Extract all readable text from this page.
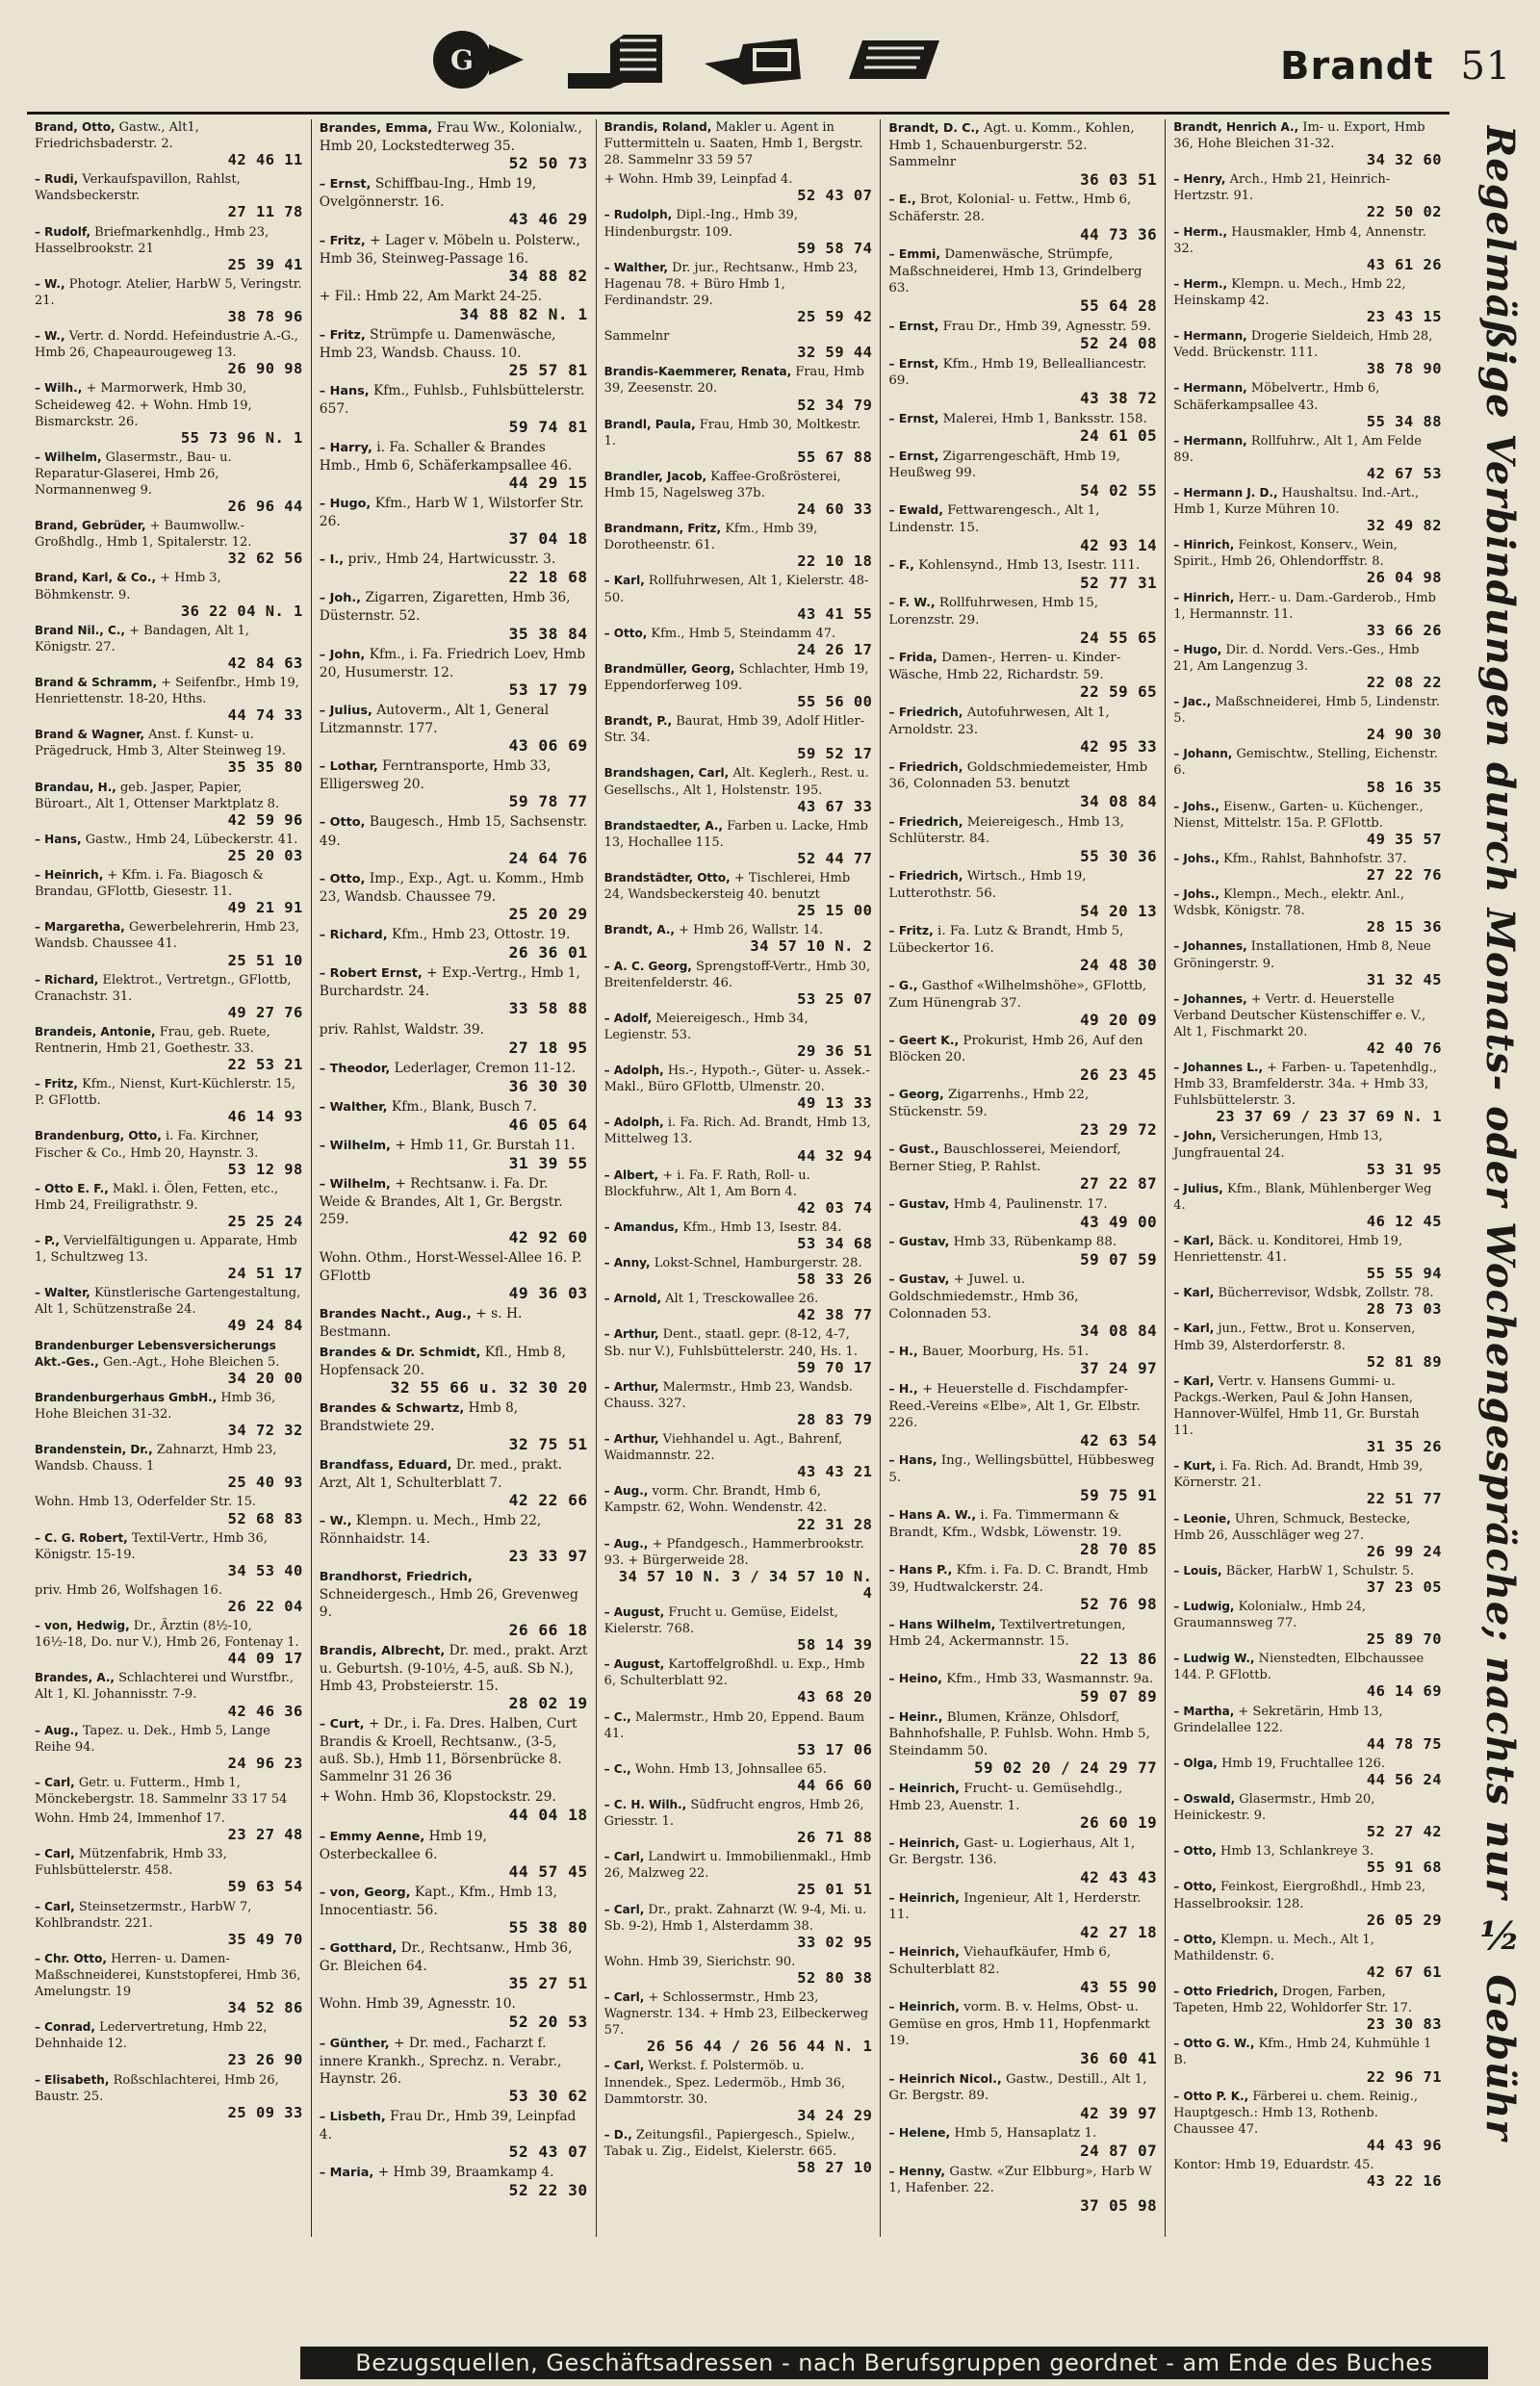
G	Brandt 51
Brand, Otto, Gastw., Alt1, Friedrichsbaderstr. 2.
42 46 11
– Rudi, Verkaufspavillon, Rahlst, Wandsbeckerstr.
27 11 78
– Rudolf, Briefmarkenhdlg., Hmb 23, Hasselbrookstr. 21
25 39 41
– W., Photogr. Atelier, HarbW 5, Veringstr. 21.
38 78 96
– W., Vertr. d. Nordd. Hefeindustrie A.-G., Hmb 26, Chapeaurougeweg 13.
26 90 98
– Wilh., + Marmorwerk, Hmb 30, Scheideweg 42. + Wohn. Hmb 19, Bismarckstr. 26.
55 73 96 N. 1
– Wilhelm, Glasermstr., Bau- u. Reparatur-Glaserei, Hmb 26, Normannenweg 9.
26 96 44
Brand, Gebrüder, + Baumwollw.-Großhdlg., Hmb 1, Spitalerstr. 12.
32 62 56
Brand, Karl, & Co., + Hmb 3, Böhmkenstr. 9.
36 22 04 N. 1
Brand Nil., C., + Bandagen, Alt 1, Königstr. 27.
42 84 63
Brand & Schramm, + Seifenfbr., Hmb 19, Henriettenstr. 18-20, Hths.
44 74 33
Brand & Wagner, Anst. f. Kunst- u. Prägedruck, Hmb 3, Alter Steinweg 19.
35 35 80
Brandau, H., geb. Jasper, Papier, Büroart., Alt 1, Ottenser Marktplatz 8.
42 59 96
– Hans, Gastw., Hmb 24, Lübeckerstr. 41.
25 20 03
– Heinrich, + Kfm. i. Fa. Biagosch & Brandau, GFlottb, Giesestr. 11.
49 21 91
– Margaretha, Gewerbelehrerin, Hmb 23, Wandsb. Chaussee 41.
25 51 10
– Richard, Elektrot., Vertretgn., GFlottb, Cranachstr. 31.
49 27 76
Brandeis, Antonie, Frau, geb. Ruete, Rentnerin, Hmb 21, Goethestr. 33.
22 53 21
– Fritz, Kfm., Nienst, Kurt-Küchlerstr. 15, P. GFlottb.
46 14 93
Brandenburg, Otto, i. Fa. Kirchner, Fischer & Co., Hmb 20, Haynstr. 3.
53 12 98
– Otto E. F., Makl. i. Ölen, Fetten, etc., Hmb 24, Freiligrathstr. 9.
25 25 24
– P., Vervielfältigungen u. Apparate, Hmb 1, Schultzweg 13.
24 51 17
– Walter, Künstlerische Gartengestaltung, Alt 1, Schützenstraße 24.
49 24 84
Brandenburger Lebensversicherungs Akt.-Ges., Gen.-Agt., Hohe Bleichen 5.
34 20 00
Brandenburgerhaus GmbH., Hmb 36, Hohe Bleichen 31-32.
34 72 32
Brandenstein, Dr., Zahnarzt, Hmb 23, Wandsb. Chauss. 1
25 40 93
Wohn. Hmb 13, Oderfelder Str. 15.
52 68 83
– C. G. Robert, Textil-Vertr., Hmb 36, Königstr. 15-19.
34 53 40
priv. Hmb 26, Wolfshagen 16.
26 22 04
– von, Hedwig, Dr., Ärztin (8½-10, 16½-18, Do. nur V.), Hmb 26, Fontenay 1.
44 09 17
Brandes, A., Schlachterei und Wurstfbr., Alt 1, Kl. Johannisstr. 7-9.
42 46 36
– Aug., Tapez. u. Dek., Hmb 5, Lange Reihe 94.
24 96 23
– Carl, Getr. u. Futterm., Hmb 1, Mönckebergstr. 18. Sammelnr 33 17 54
Wohn. Hmb 24, Immenhof 17.
23 27 48
– Carl, Mützenfabrik, Hmb 33, Fuhlsbüttelerstr. 458.
59 63 54
– Carl, Steinsetzermstr., HarbW 7, Kohlbrandstr. 221.
35 49 70
– Chr. Otto, Herren- u. Damen-Maßschneiderei, Kunststopferei, Hmb 36, Amelungstr. 19
34 52 86
– Conrad, Ledervertretung, Hmb 22, Dehnhaide 12.
23 26 90
– Elisabeth, Roßschlachterei, Hmb 26, Baustr. 25.
25 09 33
Brandes, Emma, Frau Ww., Kolonialw., Hmb 20, Lockstedterweg 35.
52 50 73
– Ernst, Schiffbau-Ing., Hmb 19, Ovelgönnerstr. 16.
43 46 29
– Fritz, + Lager v. Möbeln u. Polsterw., Hmb 36, Steinweg-Passage 16.
34 88 82
+ Fil.: Hmb 22, Am Markt 24-25.
34 88 82 N. 1
– Fritz, Strümpfe u. Damenwäsche, Hmb 23, Wandsb. Chauss. 10.
25 57 81
– Hans, Kfm., Fuhlsb., Fuhlsbüttelerstr. 657.
59 74 81
– Harry, i. Fa. Schaller & Brandes Hmb., Hmb 6, Schäferkampsallee 46.
44 29 15
– Hugo, Kfm., Harb W 1, Wilstorfer Str. 26.
37 04 18
– I., priv., Hmb 24, Hartwicusstr. 3.
22 18 68
– Joh., Zigarren, Zigaretten, Hmb 36, Düsternstr. 52.
35 38 84
– John, Kfm., i. Fa. Friedrich Loev, Hmb 20, Husumerstr. 12.
53 17 79
– Julius, Autoverm., Alt 1, General Litzmannstr. 177.
43 06 69
– Lothar, Ferntransporte, Hmb 33, Elligersweg 20.
59 78 77
– Otto, Baugesch., Hmb 15, Sachsenstr. 49.
24 64 76
– Otto, Imp., Exp., Agt. u. Komm., Hmb 23, Wandsb. Chaussee 79.
25 20 29
– Richard, Kfm., Hmb 23, Ottostr. 19.
26 36 01
– Robert Ernst, + Exp.-Vertrg., Hmb 1, Burchardstr. 24.
33 58 88
priv. Rahlst, Waldstr. 39.
27 18 95
– Theodor, Lederlager, Cremon 11-12.
36 30 30
– Walther, Kfm., Blank, Busch 7.
46 05 64
– Wilhelm, + Hmb 11, Gr. Burstah 11.
31 39 55
– Wilhelm, + Rechtsanw. i. Fa. Dr. Weide & Brandes, Alt 1, Gr. Bergstr. 259.
42 92 60
Wohn. Othm., Horst-Wessel-Allee 16. P. GFlottb
49 36 03
Brandes Nacht., Aug., + s. H. Bestmann.
Brandes & Dr. Schmidt, Kfl., Hmb 8, Hopfensack 20.
32 55 66 u. 32 30 20
Brandes & Schwartz, Hmb 8, Brandstwiete 29.
32 75 51
Brandfass, Eduard, Dr. med., prakt. Arzt, Alt 1, Schulterblatt 7.
42 22 66
– W., Klempn. u. Mech., Hmb 22, Rönnhaidstr. 14.
23 33 97
Brandhorst, Friedrich, Schneidergesch., Hmb 26, Grevenweg 9.
26 66 18
Brandis, Albrecht, Dr. med., prakt. Arzt u. Geburtsh. (9-10½, 4-5, auß. Sb N.), Hmb 43, Probsteierstr. 15.
28 02 19
– Curt, + Dr., i. Fa. Dres. Halben, Curt Brandis & Kroell, Rechtsanw., (3-5, auß. Sb.), Hmb 11, Börsenbrücke 8. Sammelnr 31 26 36
+ Wohn. Hmb 36, Klopstockstr. 29.
44 04 18
– Emmy Aenne, Hmb 19, Osterbeckallee 6.
44 57 45
– von, Georg, Kapt., Kfm., Hmb 13, Innocentiastr. 56.
55 38 80
– Gotthard, Dr., Rechtsanw., Hmb 36, Gr. Bleichen 64.
35 27 51
Wohn. Hmb 39, Agnesstr. 10.
52 20 53
– Günther, + Dr. med., Facharzt f. innere Krankh., Sprechz. n. Verabr., Haynstr. 26.
53 30 62
– Lisbeth, Frau Dr., Hmb 39, Leinpfad 4.
52 43 07
– Maria, + Hmb 39, Braamkamp 4.
52 22 30
Brandis, Roland, Makler u. Agent in Futtermitteln u. Saaten, Hmb 1, Bergstr. 28. Sammelnr 33 59 57
+ Wohn. Hmb 39, Leinpfad 4.
52 43 07
– Rudolph, Dipl.-Ing., Hmb 39, Hindenburgstr. 109.
59 58 74
– Walther, Dr. jur., Rechtsanw., Hmb 23, Hagenau 78. + Büro Hmb 1, Ferdinandstr. 29.
25 59 42
Sammelnr
32 59 44
Brandis-Kaemmerer, Renata, Frau, Hmb 39, Zeesenstr. 20.
52 34 79
Brandl, Paula, Frau, Hmb 30, Moltkestr. 1.
55 67 88
Brandler, Jacob, Kaffee-Großrösterei, Hmb 15, Nagelsweg 37b.
24 60 33
Brandmann, Fritz, Kfm., Hmb 39, Dorotheenstr. 61.
22 10 18
– Karl, Rollfuhrwesen, Alt 1, Kielerstr. 48-50.
43 41 55
– Otto, Kfm., Hmb 5, Steindamm 47.
24 26 17
Brandmüller, Georg, Schlachter, Hmb 19, Eppendorferweg 109.
55 56 00
Brandt, P., Baurat, Hmb 39, Adolf Hitler-Str. 34.
59 52 17
Brandshagen, Carl, Alt. Keglerh., Rest. u. Gesellschs., Alt 1, Holstenstr. 195.
43 67 33
Brandstaedter, A., Farben u. Lacke, Hmb 13, Hochallee 115.
52 44 77
Brandstädter, Otto, + Tischlerei, Hmb 24, Wandsbeckersteig 40. benutzt
25 15 00
Brandt, A., + Hmb 26, Wallstr. 14.
34 57 10 N. 2
– A. C. Georg, Sprengstoff-Vertr., Hmb 30, Breitenfelderstr. 46.
53 25 07
– Adolf, Meiereigesch., Hmb 34, Legienstr. 53.
29 36 51
– Adolph, Hs.-, Hypoth.-, Güter- u. Assek.-Makl., Büro GFlottb, Ulmenstr. 20.
49 13 33
– Adolph, i. Fa. Rich. Ad. Brandt, Hmb 13, Mittelweg 13.
44 32 94
– Albert, + i. Fa. F. Rath, Roll- u. Blockfuhrw., Alt 1, Am Born 4.
42 03 74
– Amandus, Kfm., Hmb 13, Isestr. 84.
53 34 68
– Anny, Lokst-Schnel, Hamburgerstr. 28.
58 33 26
– Arnold, Alt 1, Tresckowallee 26.
42 38 77
– Arthur, Dent., staatl. gepr. (8-12, 4-7, Sb. nur V.), Fuhlsbüttelerstr. 240, Hs. 1.
59 70 17
– Arthur, Malermstr., Hmb 23, Wandsb. Chauss. 327.
28 83 79
– Arthur, Viehhandel u. Agt., Bahrenf, Waidmannstr. 22.
43 43 21
– Aug., vorm. Chr. Brandt, Hmb 6, Kampstr. 62, Wohn. Wendenstr. 42.
22 31 28
– Aug., + Pfandgesch., Hammerbrookstr. 93. + Bürgerweide 28.
34 57 10 N. 3 / 34 57 10 N. 4
– August, Frucht u. Gemüse, Eidelst, Kielerstr. 768.
58 14 39
– August, Kartoffelgroßhdl. u. Exp., Hmb 6, Schulterblatt 92.
43 68 20
– C., Malermstr., Hmb 20, Eppend. Baum 41.
53 17 06
– C., Wohn. Hmb 13, Johnsallee 65.
44 66 60
– C. H. Wilh., Südfrucht engros, Hmb 26, Griesstr. 1.
26 71 88
– Carl, Landwirt u. Immobilienmakl., Hmb 26, Malzweg 22.
25 01 51
– Carl, Dr., prakt. Zahnarzt (W. 9-4, Mi. u. Sb. 9-2), Hmb 1, Alsterdamm 38.
33 02 95
Wohn. Hmb 39, Sierichstr. 90.
52 80 38
– Carl, + Schlossermstr., Hmb 23, Wagnerstr. 134. + Hmb 23, Eilbeckerweg 57.
26 56 44 / 26 56 44 N. 1
– Carl, Werkst. f. Polstermöb. u. Innendek., Spez. Ledermöb., Hmb 36, Dammtorstr. 30.
34 24 29
– D., Zeitungsfil., Papiergesch., Spielw., Tabak u. Zig., Eidelst, Kielerstr. 665.
58 27 10
Brandt, D. C., Agt. u. Komm., Kohlen, Hmb 1, Schauenburgerstr. 52. Sammelnr
36 03 51
– E., Brot, Kolonial- u. Fettw., Hmb 6, Schäferstr. 28.
44 73 36
– Emmi, Damenwäsche, Strümpfe, Maßschneiderei, Hmb 13, Grindelberg 63.
55 64 28
– Ernst, Frau Dr., Hmb 39, Agnesstr. 59.
52 24 08
– Ernst, Kfm., Hmb 19, Bellealliancestr. 69.
43 38 72
– Ernst, Malerei, Hmb 1, Banksstr. 158.
24 61 05
– Ernst, Zigarrengeschäft, Hmb 19, Heußweg 99.
54 02 55
– Ewald, Fettwarengesch., Alt 1, Lindenstr. 15.
42 93 14
– F., Kohlensynd., Hmb 13, Isestr. 111.
52 77 31
– F. W., Rollfuhrwesen, Hmb 15, Lorenzstr. 29.
24 55 65
– Frida, Damen-, Herren- u. Kinder-Wäsche, Hmb 22, Richardstr. 59.
22 59 65
– Friedrich, Autofuhrwesen, Alt 1, Arnoldstr. 23.
42 95 33
– Friedrich, Goldschmiedemeister, Hmb 36, Colonnaden 53. benutzt
34 08 84
– Friedrich, Meiereigesch., Hmb 13, Schlüterstr. 84.
55 30 36
– Friedrich, Wirtsch., Hmb 19, Lutterothstr. 56.
54 20 13
– Fritz, i. Fa. Lutz & Brandt, Hmb 5, Lübeckertor 16.
24 48 30
– G., Gasthof «Wilhelmshöhe», GFlottb, Zum Hünengrab 37.
49 20 09
– Geert K., Prokurist, Hmb 26, Auf den Blöcken 20.
26 23 45
– Georg, Zigarrenhs., Hmb 22, Stückenstr. 59.
23 29 72
– Gust., Bauschlosserei, Meiendorf, Berner Stieg, P. Rahlst.
27 22 87
– Gustav, Hmb 4, Paulinenstr. 17.
43 49 00
– Gustav, Hmb 33, Rübenkamp 88.
59 07 59
– Gustav, + Juwel. u. Goldschmiedemstr., Hmb 36, Colonnaden 53.
34 08 84
– H., Bauer, Moorburg, Hs. 51.
37 24 97
– H., + Heuerstelle d. Fischdampfer-Reed.-Vereins «Elbe», Alt 1, Gr. Elbstr. 226.
42 63 54
– Hans, Ing., Wellingsbüttel, Hübbesweg 5.
59 75 91
– Hans A. W., i. Fa. Timmermann & Brandt, Kfm., Wdsbk, Löwenstr. 19.
28 70 85
– Hans P., Kfm. i. Fa. D. C. Brandt, Hmb 39, Hudtwalckerstr. 24.
52 76 98
– Hans Wilhelm, Textilvertretungen, Hmb 24, Ackermannstr. 15.
22 13 86
– Heino, Kfm., Hmb 33, Wasmannstr. 9a.
59 07 89
– Heinr., Blumen, Kränze, Ohlsdorf, Bahnhofshalle, P. Fuhlsb. Wohn. Hmb 5, Steindamm 50.
59 02 20 / 24 29 77
– Heinrich, Frucht- u. Gemüsehdlg., Hmb 23, Auenstr. 1.
26 60 19
– Heinrich, Gast- u. Logierhaus, Alt 1, Gr. Bergstr. 136.
42 43 43
– Heinrich, Ingenieur, Alt 1, Herderstr. 11.
42 27 18
– Heinrich, Viehaufkäufer, Hmb 6, Schulterblatt 82.
43 55 90
– Heinrich, vorm. B. v. Helms, Obst- u. Gemüse en gros, Hmb 11, Hopfenmarkt 19.
36 60 41
– Heinrich Nicol., Gastw., Destill., Alt 1, Gr. Bergstr. 89.
42 39 97
– Helene, Hmb 5, Hansaplatz 1.
24 87 07
– Henny, Gastw. «Zur Elbburg», Harb W 1, Hafenber. 22.
37 05 98
Brandt, Henrich A., Im- u. Export, Hmb 36, Hohe Bleichen 31-32.
34 32 60
– Henry, Arch., Hmb 21, Heinrich-Hertzstr. 91.
22 50 02
– Herm., Hausmakler, Hmb 4, Annenstr. 32.
43 61 26
– Herm., Klempn. u. Mech., Hmb 22, Heinskamp 42.
23 43 15
– Hermann, Drogerie Sieldeich, Hmb 28, Vedd. Brückenstr. 111.
38 78 90
– Hermann, Möbelvertr., Hmb 6, Schäferkampsallee 43.
55 34 88
– Hermann, Rollfuhrw., Alt 1, Am Felde 89.
42 67 53
– Hermann J. D., Haushaltsu. Ind.-Art., Hmb 1, Kurze Mühren 10.
32 49 82
– Hinrich, Feinkost, Konserv., Wein, Spirit., Hmb 26, Ohlendorffstr. 8.
26 04 98
– Hinrich, Herr.- u. Dam.-Garderob., Hmb 1, Hermannstr. 11.
33 66 26
– Hugo, Dir. d. Nordd. Vers.-Ges., Hmb 21, Am Langenzug 3.
22 08 22
– Jac., Maßschneiderei, Hmb 5, Lindenstr. 5.
24 90 30
– Johann, Gemischtw., Stelling, Eichenstr. 6.
58 16 35
– Johs., Eisenw., Garten- u. Küchenger., Nienst, Mittelstr. 15a. P. GFlottb.
49 35 57
– Johs., Kfm., Rahlst, Bahnhofstr. 37.
27 22 76
– Johs., Klempn., Mech., elektr. Anl., Wdsbk, Königstr. 78.
28 15 36
– Johannes, Installationen, Hmb 8, Neue Gröningerstr. 9.
31 32 45
– Johannes, + Vertr. d. Heuerstelle Verband Deutscher Küstenschiffer e. V., Alt 1, Fischmarkt 20.
42 40 76
– Johannes L., + Farben- u. Tapetenhdlg., Hmb 33, Bramfelderstr. 34a. + Hmb 33, Fuhlsbüttelerstr. 3.
23 37 69 / 23 37 69 N. 1
– John, Versicherungen, Hmb 13, Jungfrauental 24.
53 31 95
– Julius, Kfm., Blank, Mühlenberger Weg 4.
46 12 45
– Karl, Bäck. u. Konditorei, Hmb 19, Henriettenstr. 41.
55 55 94
– Karl, Bücherrevisor, Wdsbk, Zollstr. 78.
28 73 03
– Karl, jun., Fettw., Brot u. Konserven, Hmb 39, Alsterdorferstr. 8.
52 81 89
– Karl, Vertr. v. Hansens Gummi- u. Packgs.-Werken, Paul & John Hansen, Hannover-Wülfel, Hmb 11, Gr. Burstah 11.
31 35 26
– Kurt, i. Fa. Rich. Ad. Brandt, Hmb 39, Körnerstr. 21.
22 51 77
– Leonie, Uhren, Schmuck, Bestecke, Hmb 26, Ausschläger weg 27.
26 99 24
– Louis, Bäcker, HarbW 1, Schulstr. 5.
37 23 05
– Ludwig, Kolonialw., Hmb 24, Graumannsweg 77.
25 89 70
– Ludwig W., Nienstedten, Elbchaussee 144. P. GFlottb.
46 14 69
– Martha, + Sekretärin, Hmb 13, Grindelallee 122.
44 78 75
– Olga, Hmb 19, Fruchtallee 126.
44 56 24
– Oswald, Glasermstr., Hmb 20, Heinickestr. 9.
52 27 42
– Otto, Hmb 13, Schlankreye 3.
55 91 68
– Otto, Feinkost, Eiergroßhdl., Hmb 23, Hasselbrooksir. 128.
26 05 29
– Otto, Klempn. u. Mech., Alt 1, Mathildenstr. 6.
42 67 61
– Otto Friedrich, Drogen, Farben, Tapeten, Hmb 22, Wohldorfer Str. 17.
23 30 83
– Otto G. W., Kfm., Hmb 24, Kuhmühle 1 B.
22 96 71
– Otto P. K., Färberei u. chem. Reinig., Hauptgesch.: Hmb 13, Rothenb. Chaussee 47.
44 43 96
Kontor: Hmb 19, Eduardstr. 45.
43 22 16
Regelmäßige Verbindungen durch Monats- oder Wochengespräche; nachts nur ½ Gebühr
Bezugsquellen, Geschäftsadressen - nach Berufsgruppen geordnet - am Ende des Buches
